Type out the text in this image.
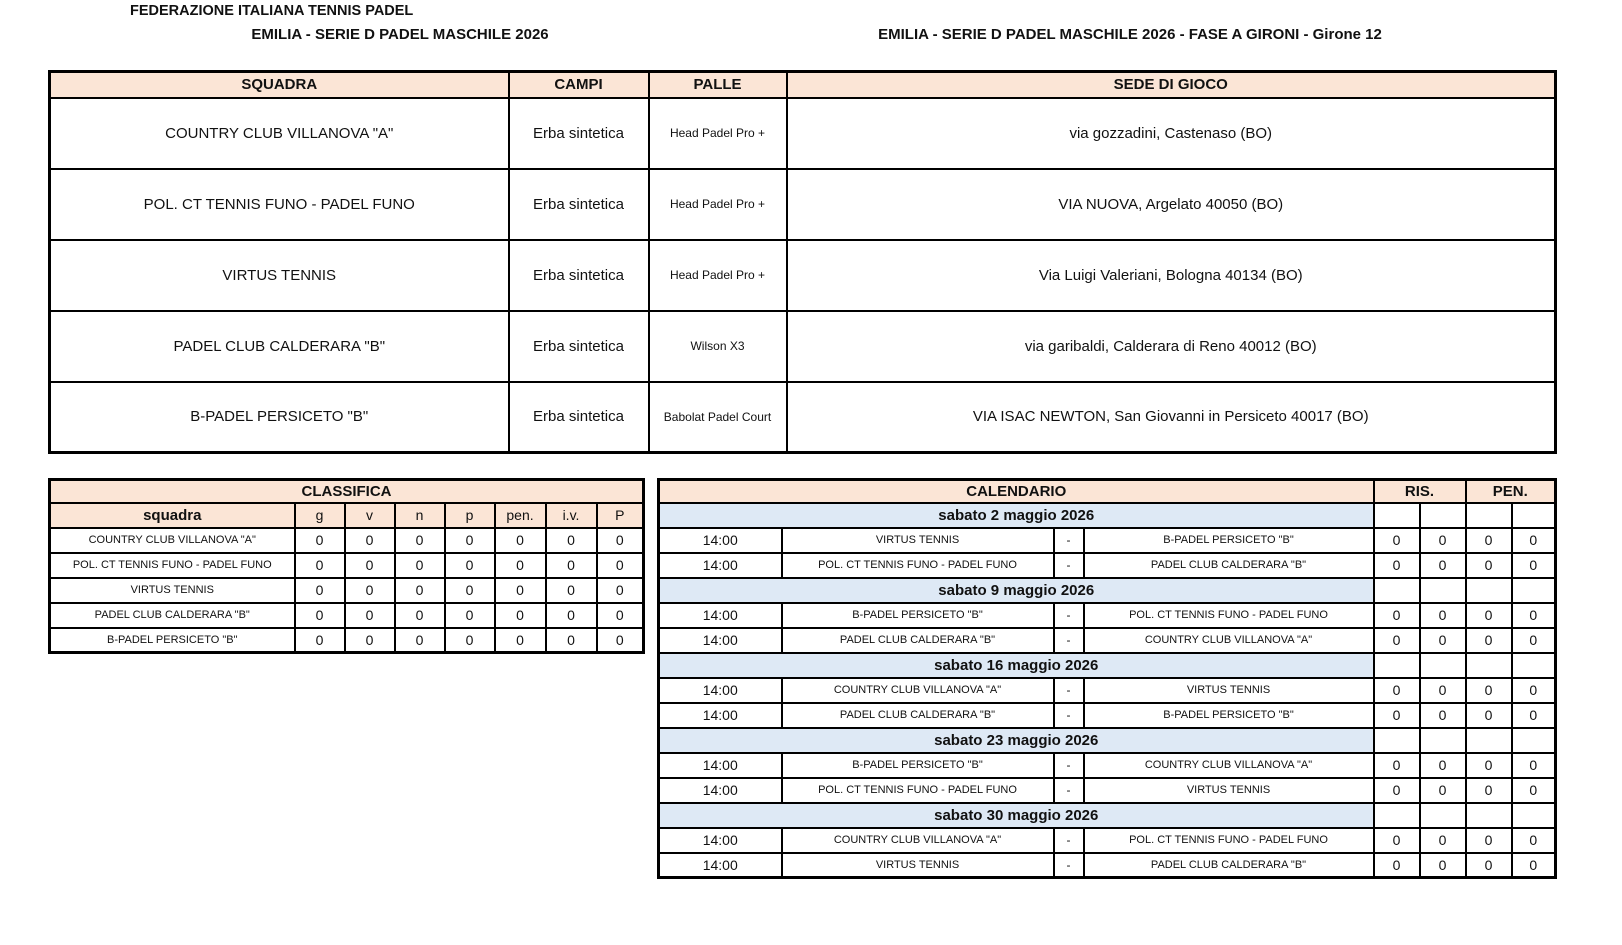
FEDERAZIONE ITALIANA TENNIS PADEL
EMILIA - SERIE D PADEL MASCHILE 2026	EMILIA - SERIE D PADEL MASCHILE 2026 - FASE A GIRONI - Girone 12
SQUADRA	CAMPI	PALLE	SEDE DI GIOCO
COUNTRY CLUB VILLANOVA "A"	Erba sintetica	Head Padel Pro +	via gozzadini, Castenaso (BO)
POL. CT TENNIS FUNO - PADEL FUNO	Erba sintetica	Head Padel Pro +	VIA NUOVA, Argelato 40050 (BO)
VIRTUS TENNIS	Erba sintetica	Head Padel Pro +	Via Luigi Valeriani, Bologna 40134 (BO)
PADEL CLUB CALDERARA "B"	Erba sintetica	Wilson X3	via garibaldi, Calderara di Reno 40012 (BO)
B-PADEL PERSICETO "B"	Erba sintetica	Babolat Padel Court	VIA ISAC NEWTON, San Giovanni in Persiceto 40017 (BO)
CLASSIFICA							
squadra	g	v	n	p	pen.	i.v.	P
COUNTRY CLUB VILLANOVA "A"	0	0	0	0	0	0	0
POL. CT TENNIS FUNO - PADEL FUNO	0	0	0	0	0	0	0
VIRTUS TENNIS	0	0	0	0	0	0	0
PADEL CLUB CALDERARA "B"	0	0	0	0	0	0	0
B-PADEL PERSICETO "B"	0	0	0	0	0	0	0
CALENDARIO				RIS.		PEN.	
sabato 2 maggio 2026							
14:00	VIRTUS TENNIS	-	B-PADEL PERSICETO "B"	0	0	0	0
14:00	POL. CT TENNIS FUNO - PADEL FUNO	-	PADEL CLUB CALDERARA "B"	0	0	0	0
sabato 9 maggio 2026							
14:00	B-PADEL PERSICETO "B"	-	POL. CT TENNIS FUNO - PADEL FUNO	0	0	0	0
14:00	PADEL CLUB CALDERARA "B"	-	COUNTRY CLUB VILLANOVA "A"	0	0	0	0
sabato 16 maggio 2026							
14:00	COUNTRY CLUB VILLANOVA "A"	-	VIRTUS TENNIS	0	0	0	0
14:00	PADEL CLUB CALDERARA "B"	-	B-PADEL PERSICETO "B"	0	0	0	0
sabato 23 maggio 2026							
14:00	B-PADEL PERSICETO "B"	-	COUNTRY CLUB VILLANOVA "A"	0	0	0	0
14:00	POL. CT TENNIS FUNO - PADEL FUNO	-	VIRTUS TENNIS	0	0	0	0
sabato 30 maggio 2026							
14:00	COUNTRY CLUB VILLANOVA "A"	-	POL. CT TENNIS FUNO - PADEL FUNO	0	0	0	0
14:00	VIRTUS TENNIS	-	PADEL CLUB CALDERARA "B"	0	0	0	0
